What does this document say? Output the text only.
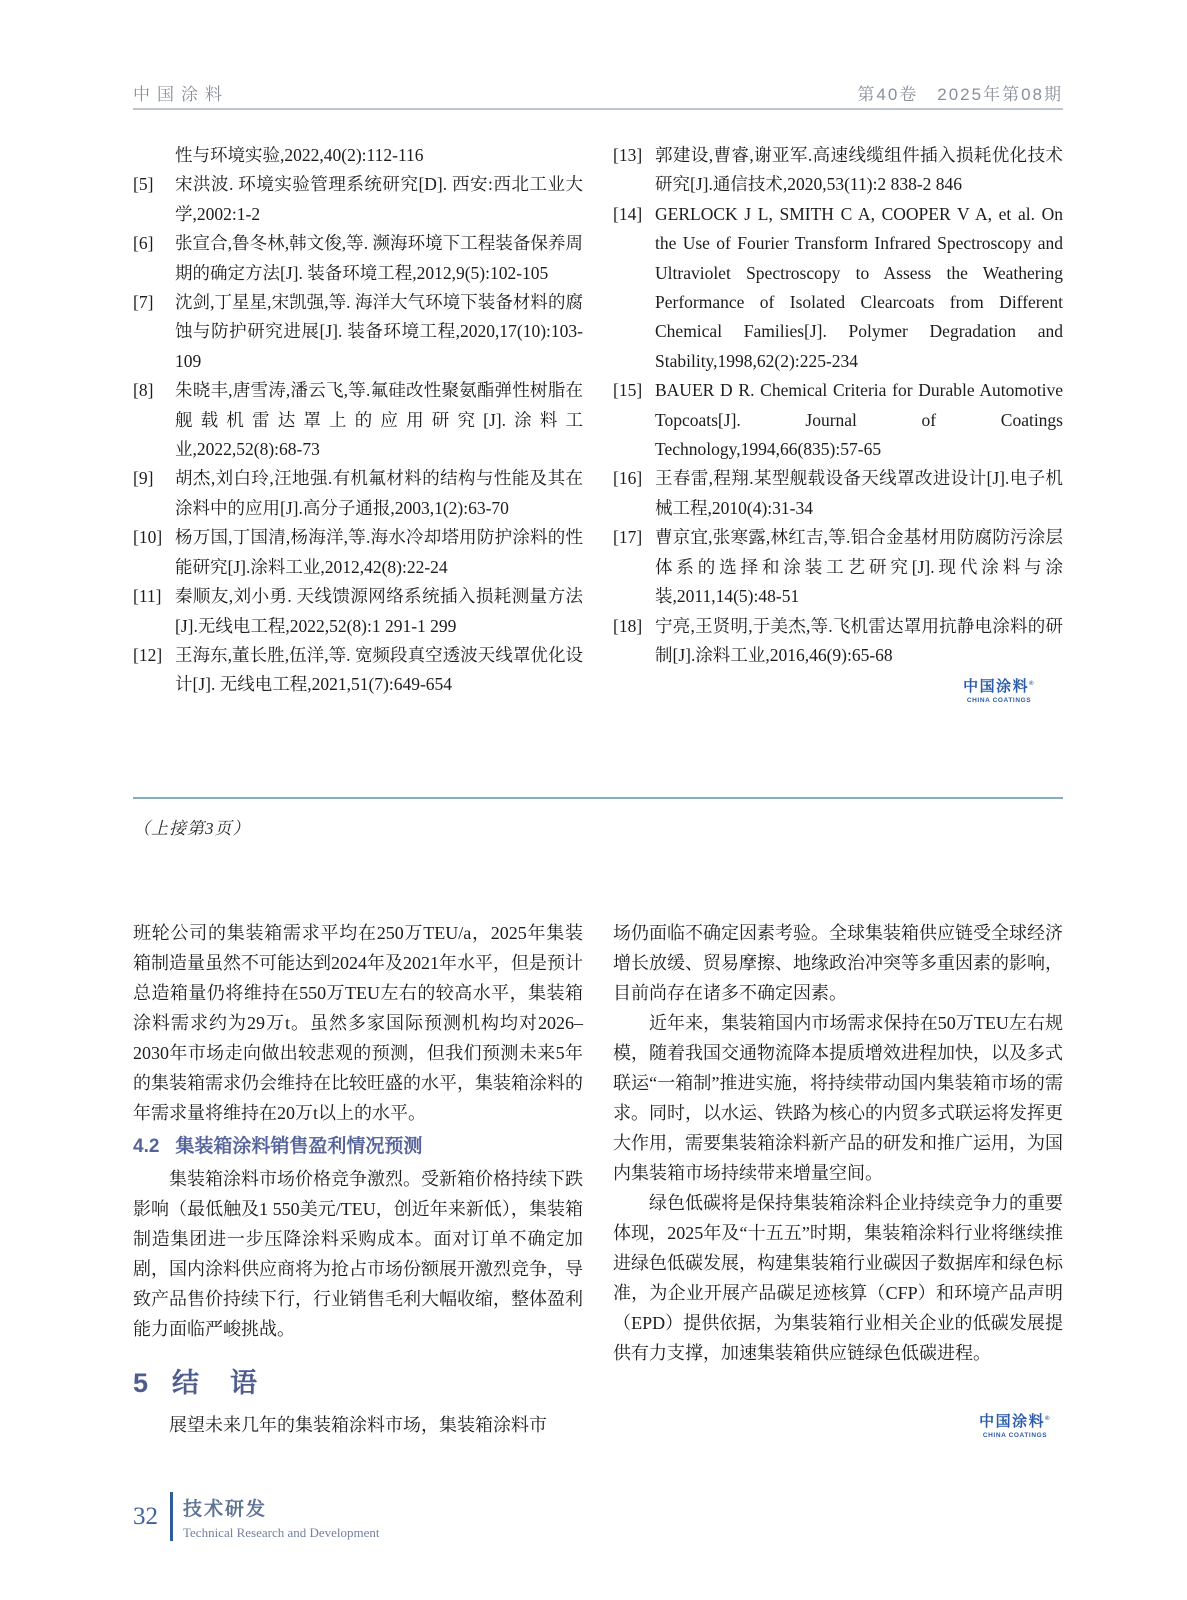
中国涂料	第40卷　2025年第08期
性与环境实验,2022,40(2):112-116
[5] 宋洪波. 环境实验管理系统研究[D]. 西安:西北工业大学,2002:1-2
[6] 张宣合,鲁冬林,韩文俊,等. 濒海环境下工程装备保养周期的确定方法[J]. 装备环境工程,2012,9(5):102-105
[7] 沈剑,丁星星,宋凯强,等. 海洋大气环境下装备材料的腐蚀与防护研究进展[J]. 装备环境工程,2020,17(10):103-109
[8] 朱晓丰,唐雪涛,潘云飞,等.氟硅改性聚氨酯弹性树脂在舰载机雷达罩上的应用研究[J].涂料工业,2022,52(8):68-73
[9] 胡杰,刘白玲,汪地强.有机氟材料的结构与性能及其在涂料中的应用[J].高分子通报,2003,1(2):63-70
[10] 杨万国,丁国清,杨海洋,等.海水冷却塔用防护涂料的性能研究[J].涂料工业,2012,42(8):22-24
[11] 秦顺友,刘小勇. 天线馈源网络系统插入损耗测量方法[J].无线电工程,2022,52(8):1 291-1 299
[12] 王海东,董长胜,伍洋,等. 宽频段真空透波天线罩优化设计[J]. 无线电工程,2021,51(7):649-654
[13] 郭建设,曹睿,谢亚军.高速线缆组件插入损耗优化技术研究[J].通信技术,2020,53(11):2 838-2 846
[14] GERLOCK J L, SMITH C A, COOPER V A, et al. On the Use of Fourier Transform Infrared Spectroscopy and Ultraviolet Spectroscopy to Assess the Weathering Performance of Isolated Clearcoats from Different Chemical Families[J]. Polymer Degradation and Stability,1998,62(2):225-234
[15] BAUER D R. Chemical Criteria for Durable Automotive Topcoats[J]. Journal of Coatings Technology,1994,66(835):57-65
[16] 王春雷,程翔.某型舰载设备天线罩改进设计[J].电子机械工程,2010(4):31-34
[17] 曹京宜,张寒露,林红吉,等.铝合金基材用防腐防污涂层体系的选择和涂装工艺研究[J].现代涂料与涂装,2011,14(5):48-51
[18] 宁亮,王贤明,于美杰,等.飞机雷达罩用抗静电涂料的研制[J].涂料工业,2016,46(9):65-68
中国涂料®
CHINA COATINGS
（上接第3页）

班轮公司的集装箱需求平均在250万TEU/a，2025年集装箱制造量虽然不可能达到2024年及2021年水平，但是预计总造箱量仍将维持在550万TEU左右的较高水平，集装箱涂料需求约为29万t。虽然多家国际预测机构均对2026–2030年市场走向做出较悲观的预测，但我们预测未来5年的集装箱需求仍会维持在比较旺盛的水平，集装箱涂料的年需求量将维持在20万t以上的水平。

4.2 集装箱涂料销售盈利情况预测

集装箱涂料市场价格竞争激烈。受新箱价格持续下跌影响（最低触及1 550美元/TEU，创近年来新低），集装箱制造集团进一步压降涂料采购成本。面对订单不确定加剧，国内涂料供应商将为抢占市场份额展开激烈竞争，导致产品售价持续下行，行业销售毛利大幅收缩，整体盈利能力面临严峻挑战。

5 结　语

展望未来几年的集装箱涂料市场，集装箱涂料市

场仍面临不确定因素考验。全球集装箱供应链受全球经济增长放缓、贸易摩擦、地缘政治冲突等多重因素的影响，目前尚存在诸多不确定因素。

近年来，集装箱国内市场需求保持在50万TEU左右规模，随着我国交通物流降本提质增效进程加快，以及多式联运“一箱制”推进实施，将持续带动国内集装箱市场的需求。同时，以水运、铁路为核心的内贸多式联运将发挥更大作用，需要集装箱涂料新产品的研发和推广运用，为国内集装箱市场持续带来增量空间。

绿色低碳将是保持集装箱涂料企业持续竞争力的重要体现，2025年及“十五五”时期，集装箱涂料行业将继续推进绿色低碳发展，构建集装箱行业碳因子数据库和绿色标准，为企业开展产品碳足迹核算（CFP）和环境产品声明（EPD）提供依据，为集装箱行业相关企业的低碳发展提供有力支撑，加速集装箱供应链绿色低碳进程。

中国涂料®
CHINA COATINGS
32 技术研发
Technical Research and Development
